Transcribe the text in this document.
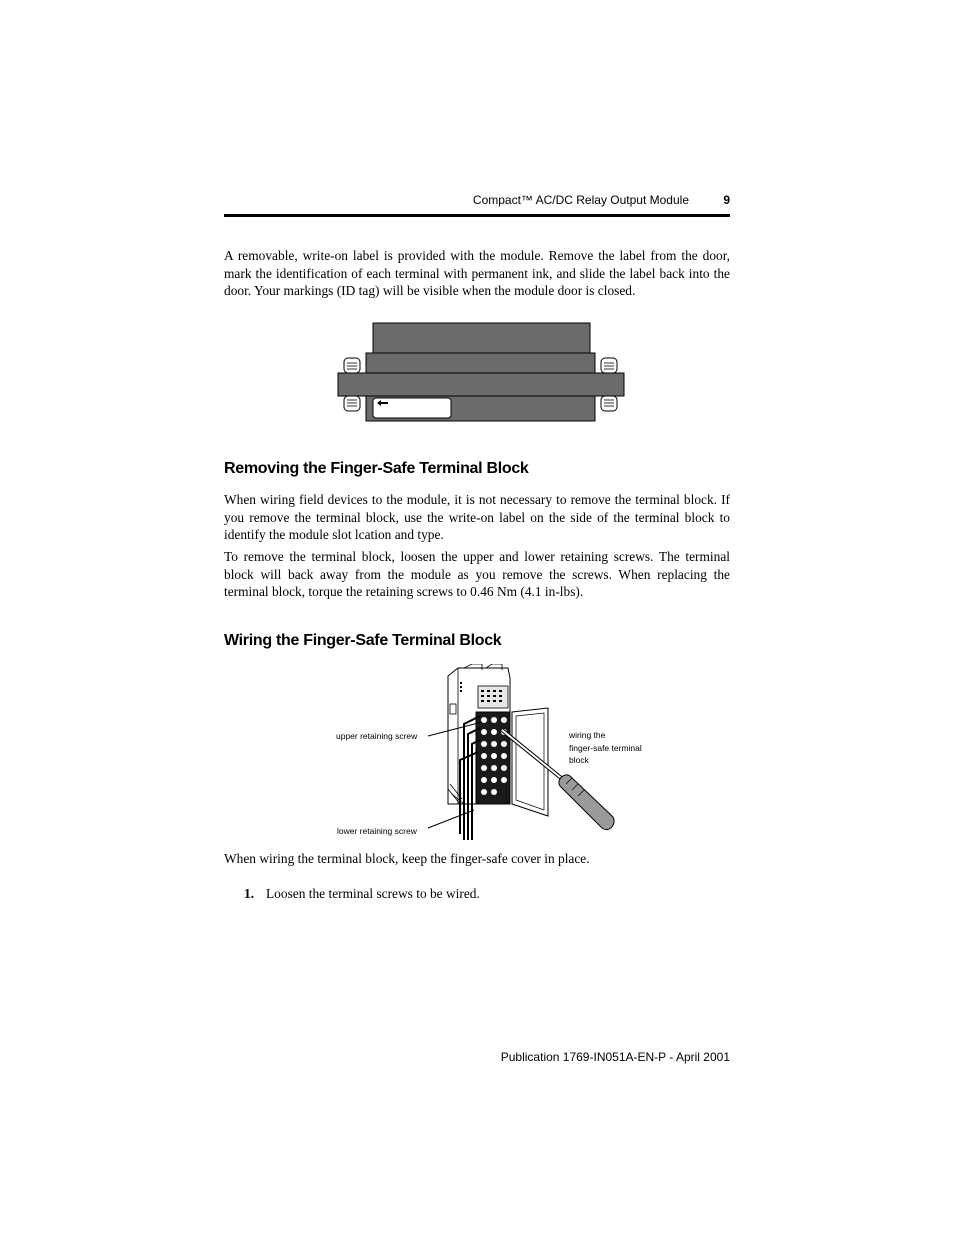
Compact™ AC/DC Relay Output Module	9

A removable, write-on label is provided with the module. Remove the label from the door, mark the identification of each terminal with permanent ink, and slide the label back into the door. Your markings (ID tag) will be visible when the module door is closed.

Removing the Finger-Safe Terminal Block

When wiring field devices to the module, it is not necessary to remove the terminal block. If you remove the terminal block, use the write-on label on the side of the terminal block to identify the module slot lcation and type.

To remove the terminal block, loosen the upper and lower retaining screws. The terminal block will back away from the module as you remove the screws. When replacing the terminal block, torque the retaining screws to 0.46 Nm (4.1 in-lbs).

Wiring the Finger-Safe Terminal Block
upper retaining screw
lower retaining screw
wiring the
finger-safe terminal
block

When wiring the terminal block, keep the finger-safe cover in place.

1. Loosen the terminal screws to be wired.
Publication 1769-IN051A-EN-P - April 2001
